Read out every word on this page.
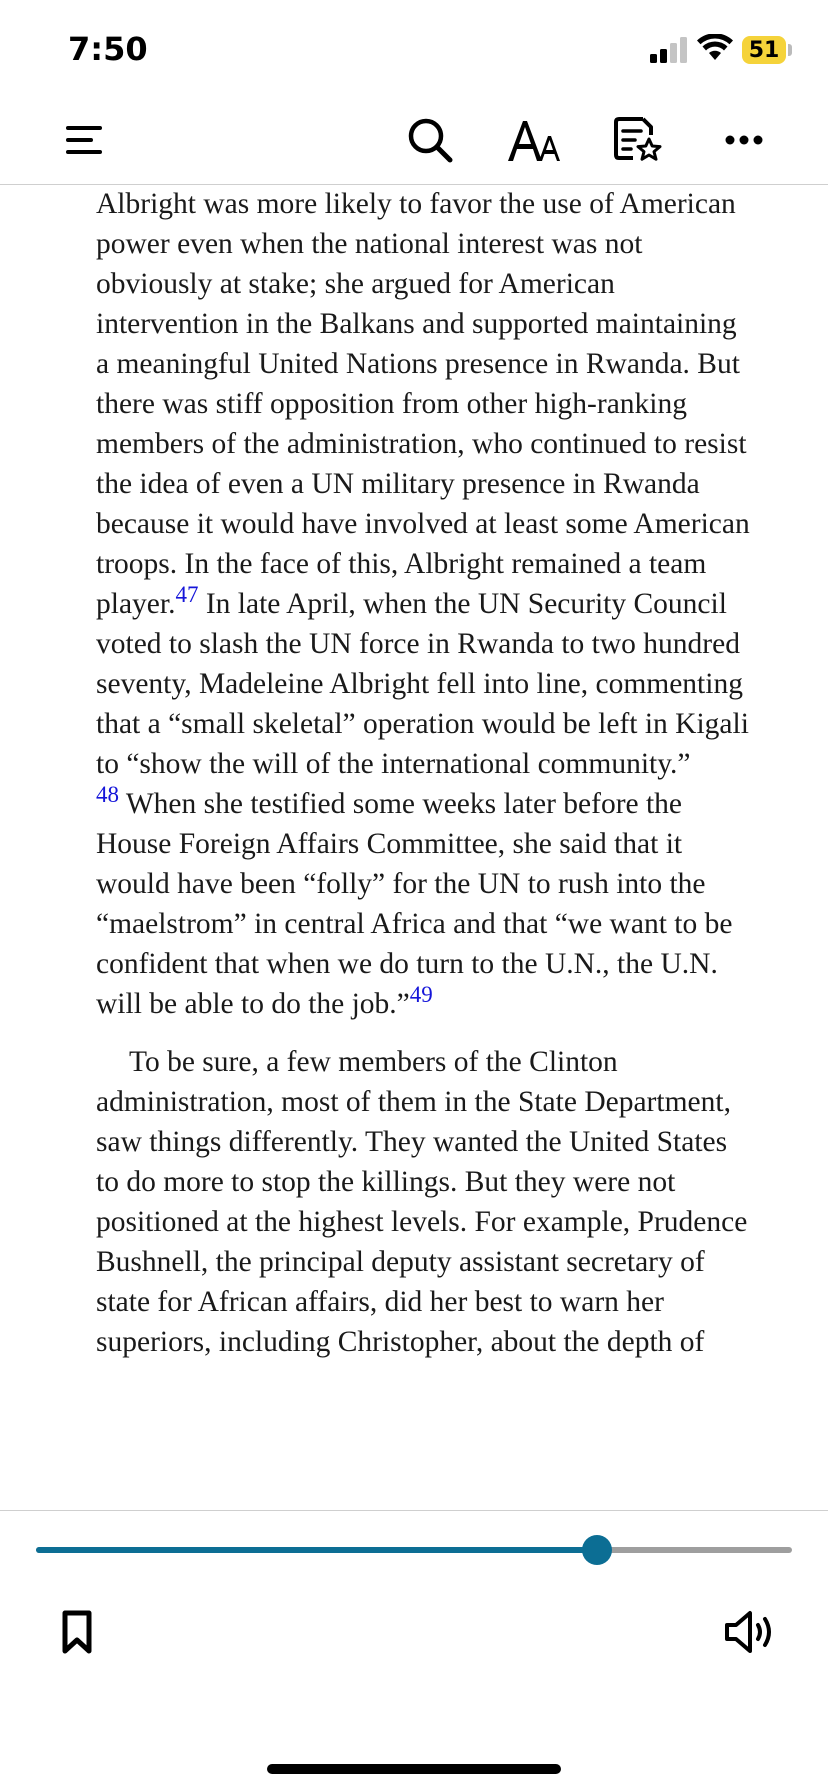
7:50	51

Albright was more likely to favor the use of American power even when the national interest was not obviously at stake; she argued for American intervention in the Balkans and supported maintaining a meaningful United Nations presence in Rwanda. But there was stiff opposition from other high-ranking members of the administration, who continued to resist the idea of even a UN military presence in Rwanda because it would have involved at least some American troops. In the face of this, Albright remained a team player.$^{47}$ In late April, when the UN Security Council voted to slash the UN force in Rwanda to two hundred seventy, Madeleine Albright fell into line, commenting that a “small skeletal” operation would be left in Kigali to “show the will of the international community.”
$^{48}$ When she testified some weeks later before the House Foreign Affairs Committee, she said that it would have been “folly” for the UN to rush into the “maelstrom” in central Africa and that “we want to be confident that when we do turn to the U.N., the U.N. will be able to do the job.”$^{49}$

To be sure, a few members of the Clinton administration, most of them in the State Department, saw things differently. They wanted the United States to do more to stop the killings. But they were not positioned at the highest levels. For example, Prudence Bushnell, the principal deputy assistant secretary of state for African affairs, did her best to warn her superiors, including Christopher, about the depth of
